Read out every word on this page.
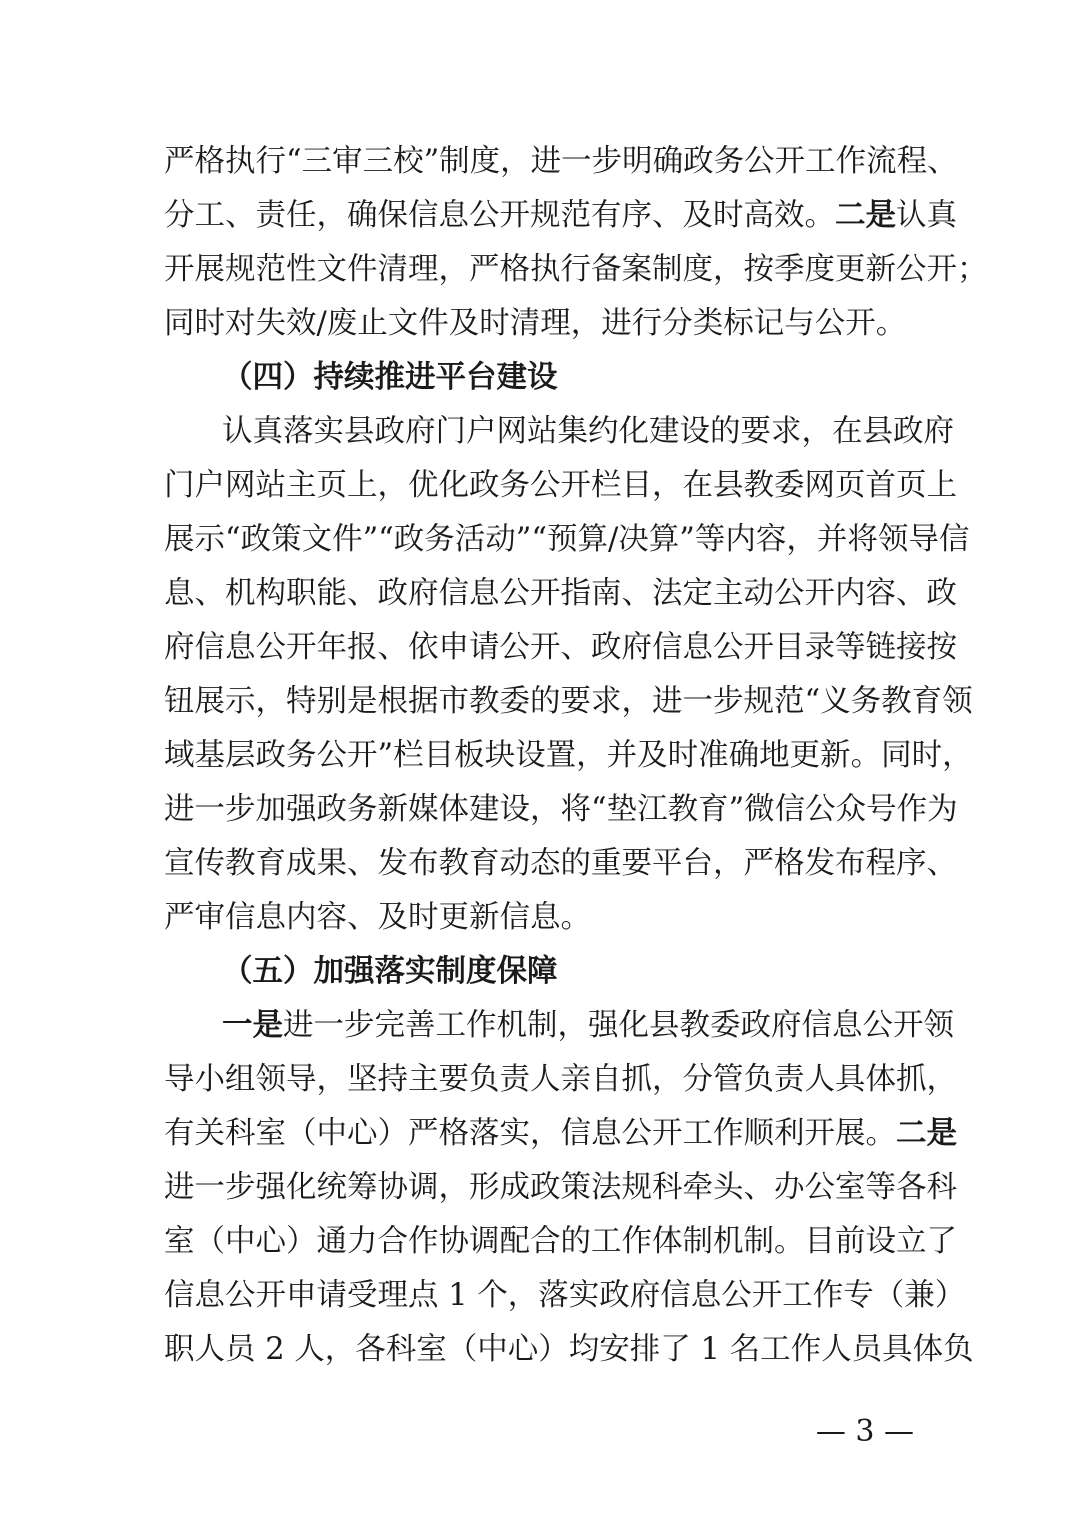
严格执行“三审三校”制度，进一步明确政务公开工作流程、
分工、责任，确保信息公开规范有序、及时高效。二是认真
开展规范性文件清理，严格执行备案制度，按季度更新公开；
同时对失效/废止文件及时清理，进行分类标记与公开。
（四）持续推进平台建设
认真落实县政府门户网站集约化建设的要求，在县政府
门户网站主页上，优化政务公开栏目，在县教委网页首页上
展示“政策文件”“政务活动”“预算/决算”等内容，并将领导信
息、机构职能、政府信息公开指南、法定主动公开内容、政
府信息公开年报、依申请公开、政府信息公开目录等链接按
钮展示，特别是根据市教委的要求，进一步规范“义务教育领
域基层政务公开”栏目板块设置，并及时准确地更新。同时，
进一步加强政务新媒体建设，将“垫江教育”微信公众号作为
宣传教育成果、发布教育动态的重要平台，严格发布程序、
严审信息内容、及时更新信息。
（五）加强落实制度保障
一是进一步完善工作机制，强化县教委政府信息公开领
导小组领导，坚持主要负责人亲自抓，分管负责人具体抓，
有关科室（中心）严格落实，信息公开工作顺利开展。二是
进一步强化统筹协调，形成政策法规科牵头、办公室等各科
室（中心）通力合作协调配合的工作体制机制。目前设立了
信息公开申请受理点 1 个，落实政府信息公开工作专（兼）
职人员 2 人，各科室（中心）均安排了 1 名工作人员具体负
— 3 —
